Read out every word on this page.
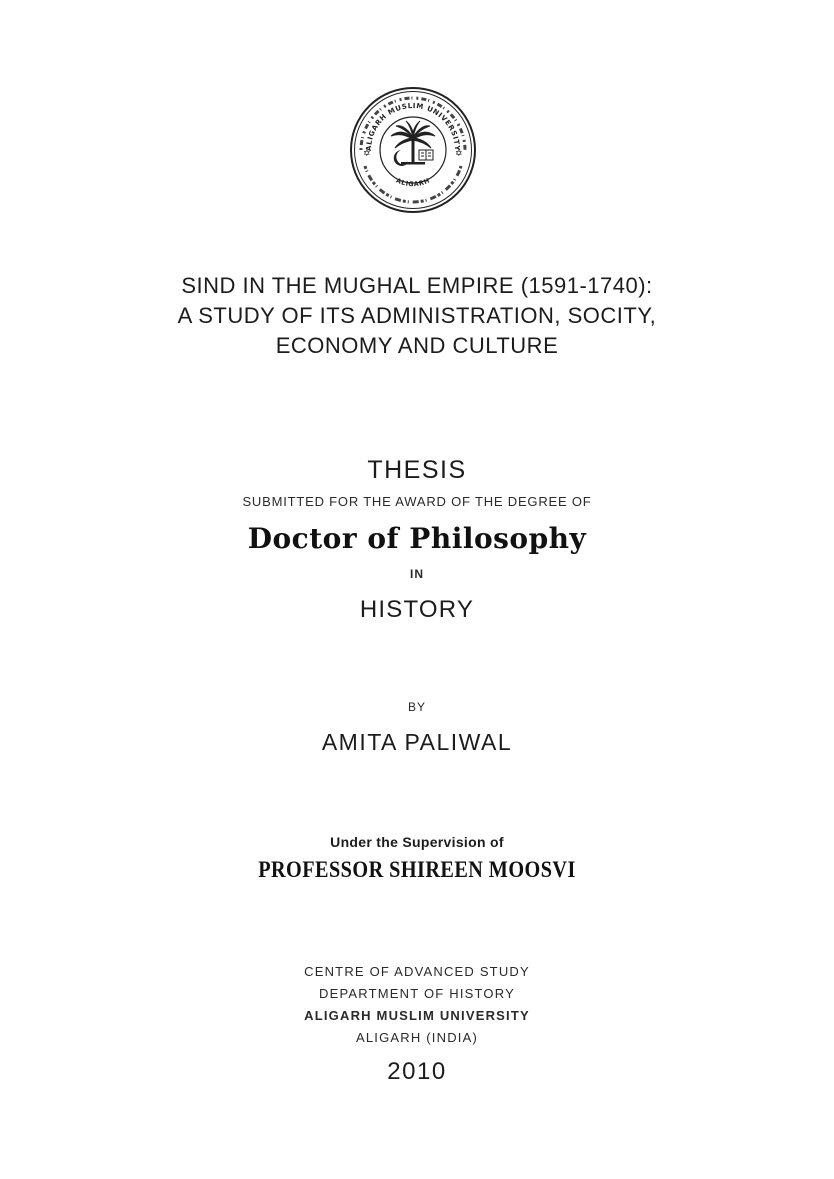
ALIGARH MUSLIM UNIVERSITY
ALIGARH
✡	✡
SIND IN THE MUGHAL EMPIRE (1591-1740):
A STUDY OF ITS ADMINISTRATION, SOCITY,
ECONOMY AND CULTURE
THESIS
SUBMITTED FOR THE AWARD OF THE DEGREE OF
Doctor of Philosophy
IN
HISTORY
BY
AMITA PALIWAL
Under the Supervision of
PROFESSOR SHIREEN MOOSVI
CENTRE OF ADVANCED STUDY
DEPARTMENT OF HISTORY
ALIGARH MUSLIM UNIVERSITY
ALIGARH (INDIA)
2010
